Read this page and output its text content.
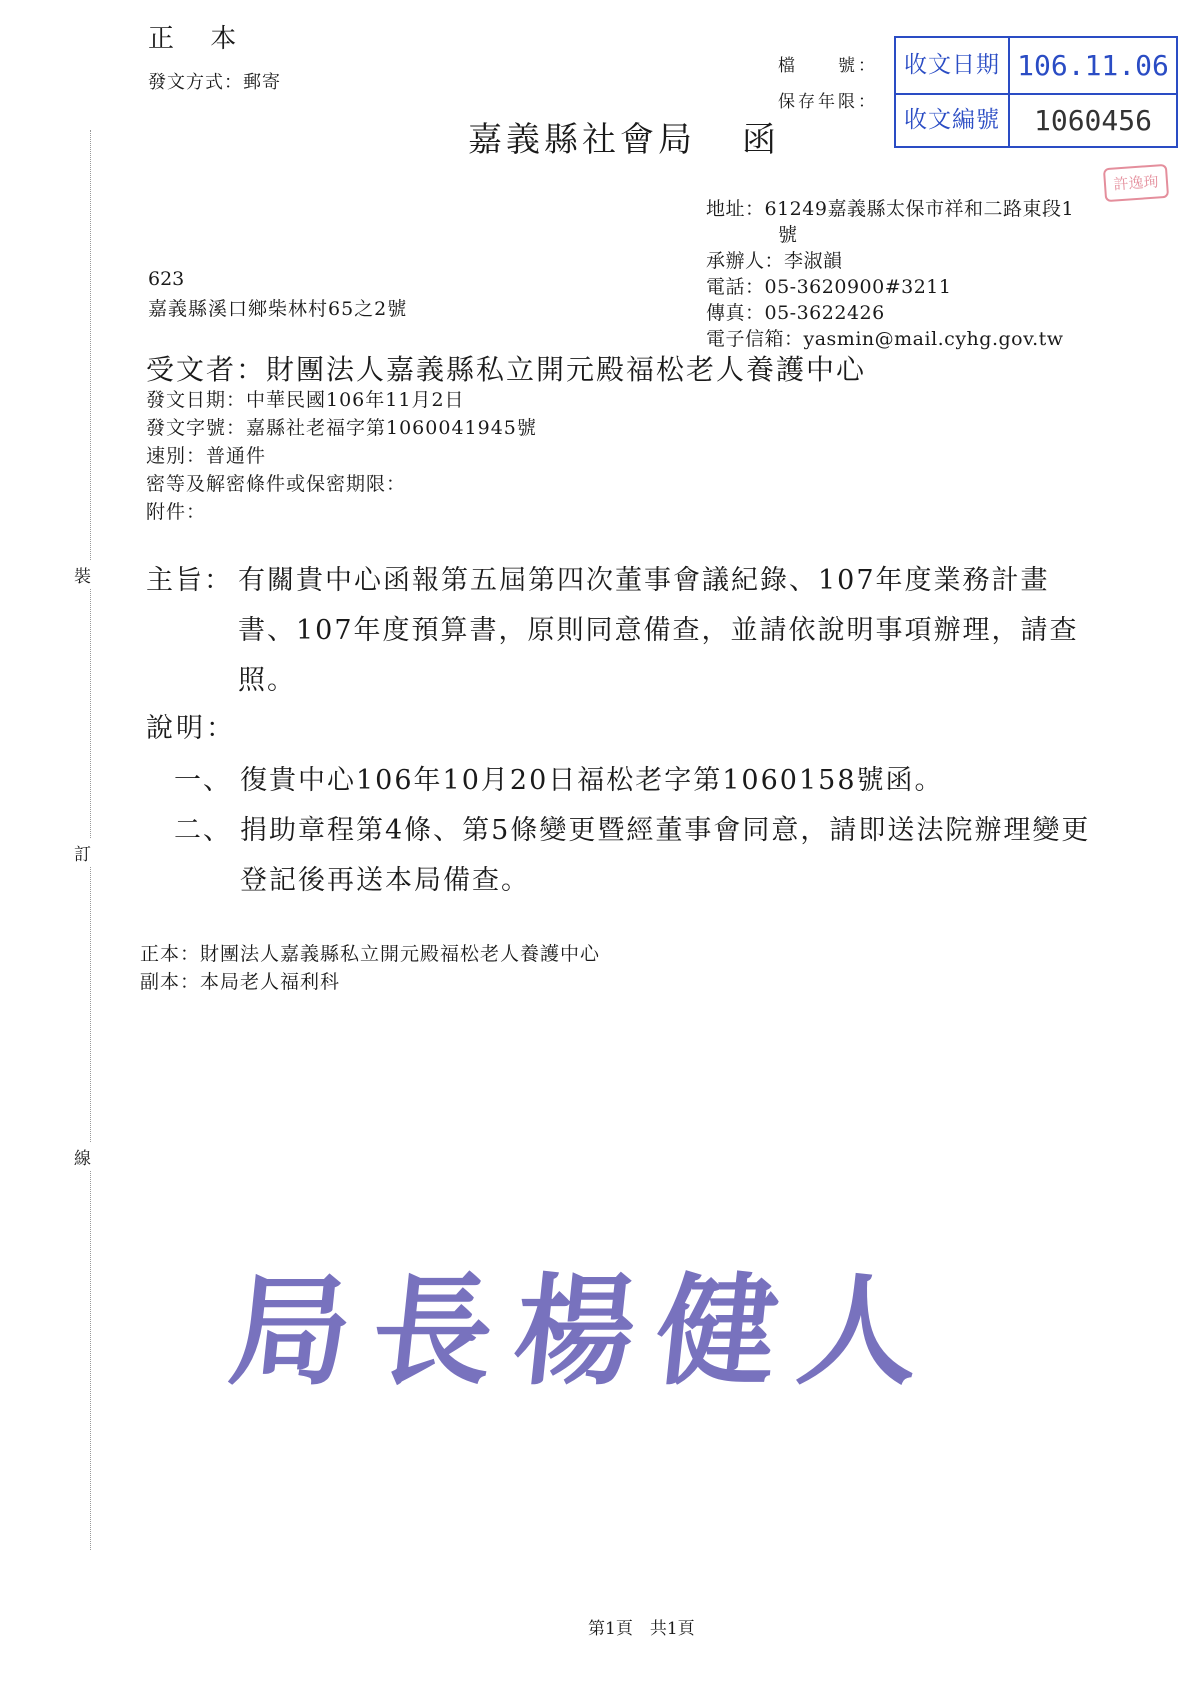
裝
訂
線
正 本
發文方式：郵寄
檔　　號：
保存年限：
收文日期 106.11.06
收文編號	1060456
許逸珣
嘉義縣社會局 函
地址：61249嘉義縣太保市祥和二路東段1
號
承辦人：李淑韻
電話：05-3620900#3211
傳真：05-3622426
電子信箱：yasmin@mail.cyhg.gov.tw
623
嘉義縣溪口鄉柴林村65之2號
受文者：財團法人嘉義縣私立開元殿福松老人養護中心
發文日期：中華民國106年11月2日
發文字號：嘉縣社老福字第1060041945號
速別：普通件
密等及解密條件或保密期限：
附件：
主旨： 有關貴中心函報第五屆第四次董事會議紀錄、107年度業務計畫書、107年度預算書，原則同意備查，並請依說明事項辦理，請查照。
說明：
一、 復貴中心106年10月20日福松老字第1060158號函。
二、 捐助章程第4條、第5條變更暨經董事會同意，請即送法院辦理變更登記後再送本局備查。
正本：財團法人嘉義縣私立開元殿福松老人養護中心
副本：本局老人福利科
局長楊健人
第1頁　共1頁
